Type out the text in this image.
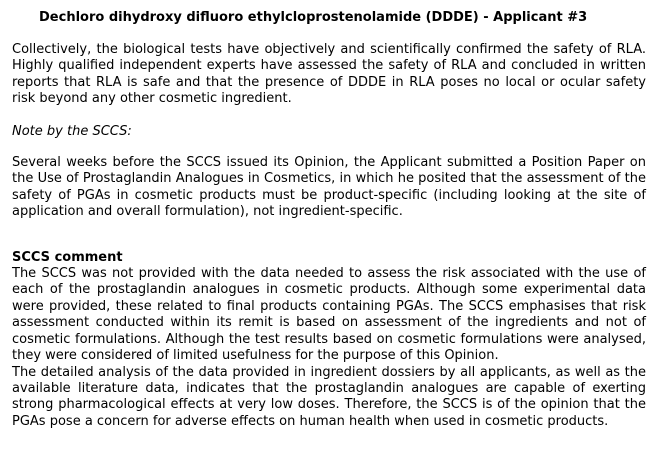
Dechloro dihydroxy difluoro ethylcloprostenolamide (DDDE) - Applicant #3

Collectively, the biological tests have objectively and scientifically confirmed the safety of RLA. Highly qualified independent experts have assessed the safety of RLA and concluded in written reports that RLA is safe and that the presence of DDDE in RLA poses no local or ocular safety risk beyond any other cosmetic ingredient.

Note by the SCCS:

Several weeks before the SCCS issued its Opinion, the Applicant submitted a Position Paper on the Use of Prostaglandin Analogues in Cosmetics, in which he posited that the assessment of the safety of PGAs in cosmetic products must be product-specific (including looking at the site of application and overall formulation), not ingredient-specific.

SCCS comment

The SCCS was not provided with the data needed to assess the risk associated with the use of each of the prostaglandin analogues in cosmetic products. Although some experimental data were provided, these related to final products containing PGAs. The SCCS emphasises that risk assessment conducted within its remit is based on assessment of the ingredients and not of cosmetic formulations. Although the test results based on cosmetic formulations were analysed, they were considered of limited usefulness for the purpose of this Opinion.

The detailed analysis of the data provided in ingredient dossiers by all applicants, as well as the available literature data, indicates that the prostaglandin analogues are capable of exerting strong pharmacological effects at very low doses. Therefore, the SCCS is of the opinion that the PGAs pose a concern for adverse effects on human health when used in cosmetic products.
